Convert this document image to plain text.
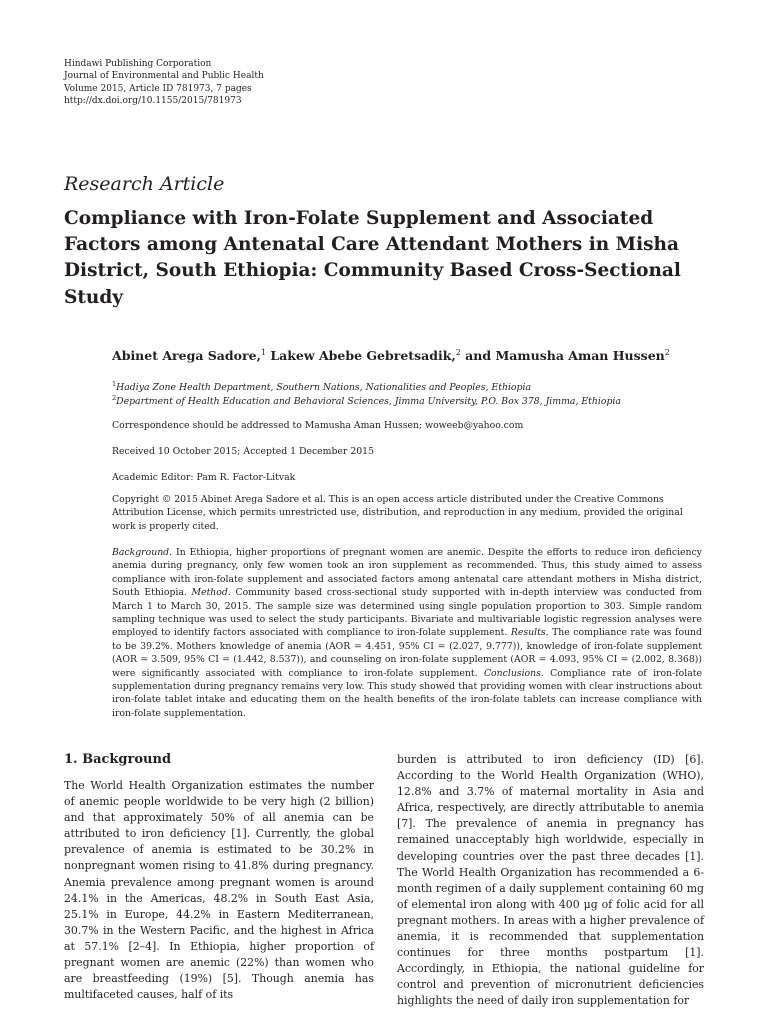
Hindawi Publishing Corporation
Journal of Environmental and Public Health
Volume 2015, Article ID 781973, 7 pages
http://dx.doi.org/10.1155/2015/781973
Research Article
Compliance with Iron-Folate Supplement and Associated Factors among Antenatal Care Attendant Mothers in Misha District, South Ethiopia: Community Based Cross-Sectional Study
Abinet Arega Sadore,$^1$ Lakew Abebe Gebretsadik,$^2$ and Mamusha Aman Hussen$^2$
$^1$Hadiya Zone Health Department, Southern Nations, Nationalities and Peoples, Ethiopia
$^2$Department of Health Education and Behavioral Sciences, Jimma University, P.O. Box 378, Jimma, Ethiopia
Correspondence should be addressed to Mamusha Aman Hussen; woweeb@yahoo.com
Received 10 October 2015; Accepted 1 December 2015
Academic Editor: Pam R. Factor-Litvak
Copyright © 2015 Abinet Arega Sadore et al. This is an open access article distributed under the Creative Commons Attribution License, which permits unrestricted use, distribution, and reproduction in any medium, provided the original work is properly cited.
Background. In Ethiopia, higher proportions of pregnant women are anemic. Despite the efforts to reduce iron deficiency anemia during pregnancy, only few women took an iron supplement as recommended. Thus, this study aimed to assess compliance with iron-folate supplement and associated factors among antenatal care attendant mothers in Misha district, South Ethiopia. Method. Community based cross-sectional study supported with in-depth interview was conducted from March 1 to March 30, 2015. The sample size was determined using single population proportion to 303. Simple random sampling technique was used to select the study participants. Bivariate and multivariable logistic regression analyses were employed to identify factors associated with compliance to iron-folate supplement. Results. The compliance rate was found to be 39.2%. Mothers knowledge of anemia (AOR = 4.451, 95% CI = (2.027, 9.777)), knowledge of iron-folate supplement (AOR = 3.509, 95% CI = (1.442, 8.537)), and counseling on iron-folate supplement (AOR = 4.093, 95% CI = (2.002, 8.368)) were significantly associated with compliance to iron-folate supplement. Conclusions. Compliance rate of iron-folate supplementation during pregnancy remains very low. This study showed that providing women with clear instructions about iron-folate tablet intake and educating them on the health benefits of the iron-folate tablets can increase compliance with iron-folate supplementation.
1. Background
The World Health Organization estimates the number of anemic people worldwide to be very high (2 billion) and that approximately 50% of all anemia can be attributed to iron deficiency [1]. Currently, the global prevalence of anemia is estimated to be 30.2% in nonpregnant women rising to 41.8% during pregnancy. Anemia prevalence among pregnant women is around 24.1% in the Americas, 48.2% in South East Asia, 25.1% in Europe, 44.2% in Eastern Mediterranean, 30.7% in the Western Pacific, and the highest in Africa at 57.1% [2–4]. In Ethiopia, higher proportion of pregnant women are anemic (22%) than women who are breastfeeding (19%) [5]. Though anemia has multifaceted causes, half of its
burden is attributed to iron deficiency (ID) [6]. According to the World Health Organization (WHO), 12.8% and 3.7% of maternal mortality in Asia and Africa, respectively, are directly attributable to anemia [7]. The prevalence of anemia in pregnancy has remained unacceptably high worldwide, especially in developing countries over the past three decades [1]. The World Health Organization has recommended a 6-month regimen of a daily supplement containing 60 mg of elemental iron along with 400 μg of folic acid for all pregnant mothers. In areas with a higher prevalence of anemia, it is recommended that supplementation continues for three months postpartum [1]. Accordingly, in Ethiopia, the national guideline for control and prevention of micronutrient deficiencies highlights the need of daily iron supplementation for
